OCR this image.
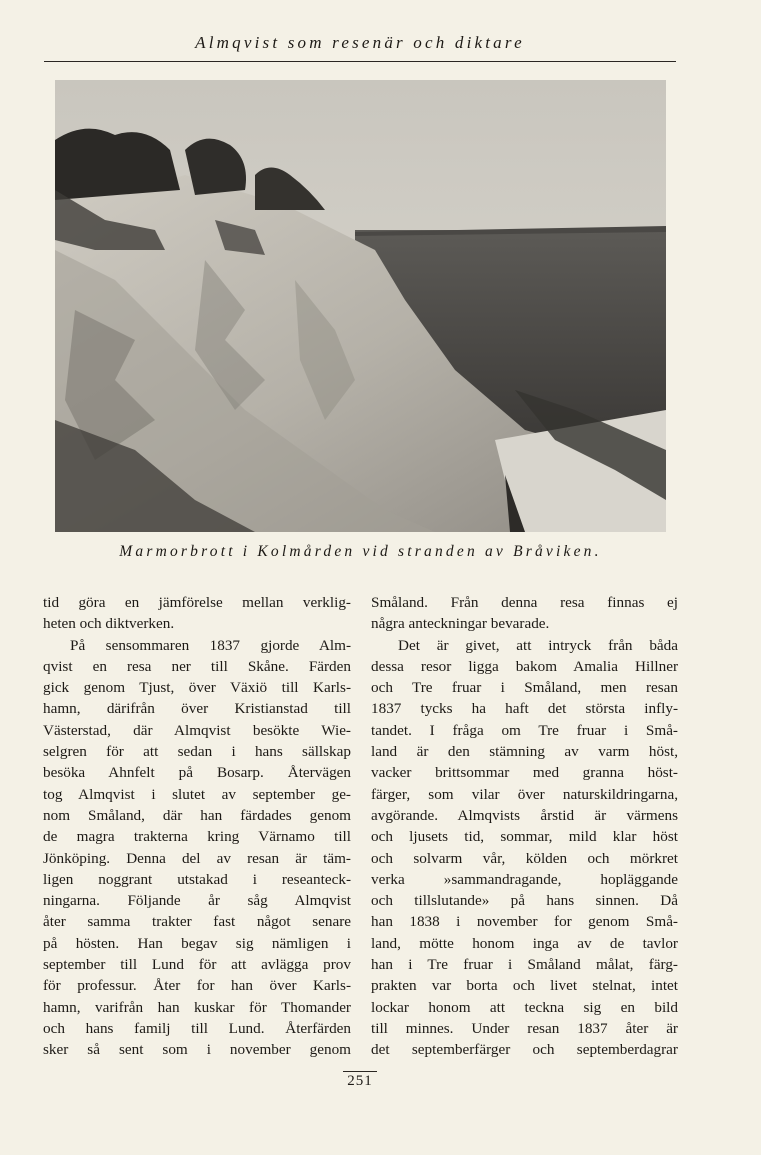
Almqvist som resenär och diktare
Marmorbrott i Kolmården vid stranden av Bråviken.
tid göra en jämförelse mellan verklig-
heten och diktverken.
På sensommaren 1837 gjorde Alm-
qvist en resa ner till Skåne. Färden
gick genom Tjust, över Växiö till Karls-
hamn, därifrån över Kristianstad till
Västerstad, där Almqvist besökte Wie-
selgren för att sedan i hans sällskap
besöka Ahnfelt på Bosarp. Återvägen
tog Almqvist i slutet av september ge-
nom Småland, där han färdades genom
de magra trakterna kring Värnamo till
Jönköping. Denna del av resan är täm-
ligen noggrant utstakad i reseanteck-
ningarna. Följande år såg Almqvist
åter samma trakter fast något senare
på hösten. Han begav sig nämligen i
september till Lund för att avlägga prov
för professur. Åter for han över Karls-
hamn, varifrån han kuskar för Thomander
och hans familj till Lund. Återfärden
sker så sent som i november genom
Småland. Från denna resa finnas ej
några anteckningar bevarade.
Det är givet, att intryck från båda
dessa resor ligga bakom Amalia Hillner
och Tre fruar i Småland, men resan
1837 tycks ha haft det största infly-
tandet. I fråga om Tre fruar i Små-
land är den stämning av varm höst,
vacker brittsommar med granna höst-
färger, som vilar över naturskildringarna,
avgörande. Almqvists årstid är värmens
och ljusets tid, sommar, mild klar höst
och solvarm vår, kölden och mörkret
verka »sammandragande, hopläggande
och tillslutande» på hans sinnen. Då
han 1838 i november for genom Små-
land, mötte honom inga av de tavlor
han i Tre fruar i Småland målat, färg-
prakten var borta och livet stelnat, intet
lockar honom att teckna sig en bild
till minnes. Under resan 1837 åter är
det septemberfärger och septemberdagrar
251
